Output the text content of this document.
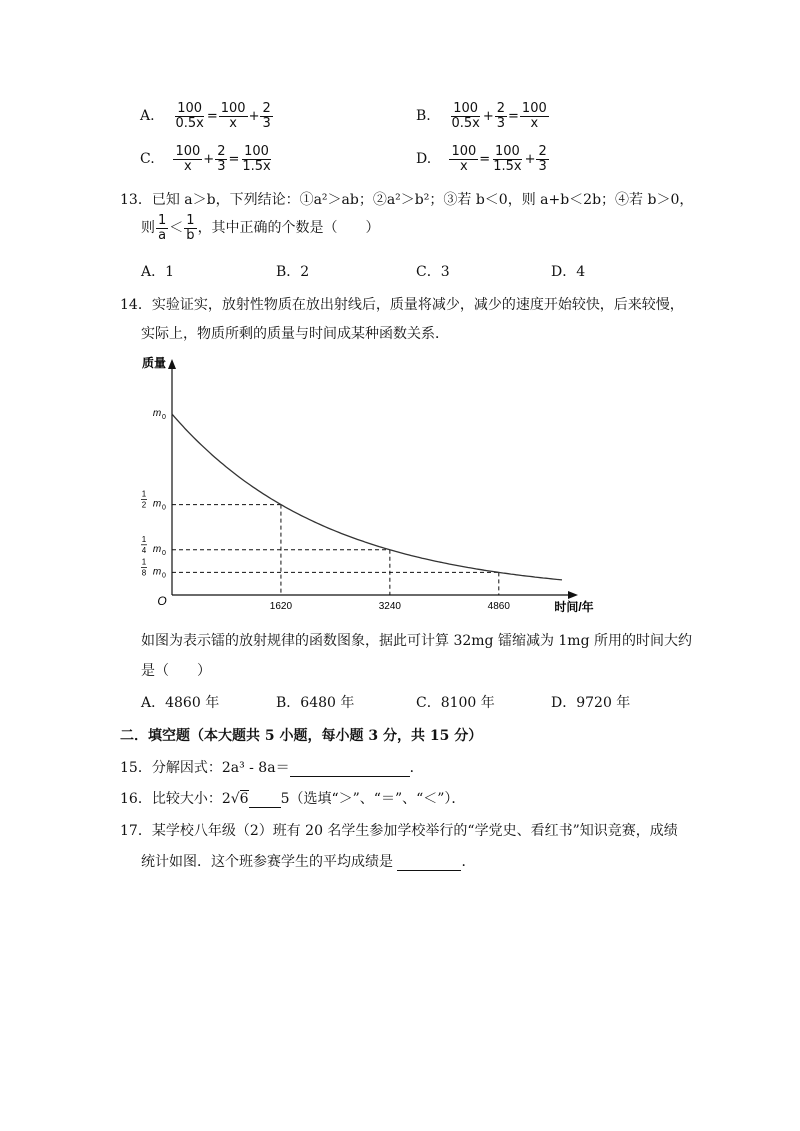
A. $\frac{100}{0.5x} = \frac{100}{x} + \frac{2}{3}$	B. $\frac{100}{0.5x} + \frac{2}{3} = \frac{100}{x}$
C. $\frac{100}{x} + \frac{2}{3} = \frac{100}{1.5x}$	D. $\frac{100}{x} = \frac{100}{1.5x} + \frac{2}{3}$
13．已知 a＞b，下列结论：①a²＞ab；②a²＞b²；③若 b＜0，则 a+b＜2b；④若 b＞0，
则 $\frac{1}{a} < \frac{1}{b}$ ，其中正确的个数是（　　）
A．1	B．2	C．3	D．4
14．实验证实，放射性物质在放出射线后，质量将减少，减少的速度开始较快，后来较慢，
实际上，物质所剩的质量与时间成某种函数关系．
质量
时间/年
O	1620	3240	4860
1
2 m 0
1
4 m 0
1
8 m 0
m 0
如图为表示镭的放射规律的函数图象，据此可计算 32mg 镭缩减为 1mg 所用的时间大约
是（　　）
A．4860 年	B．6480 年	C．8100 年	D．9720 年
二．填空题（本大题共 5 小题，每小题 3 分，共 15 分）
15．分解因式：2a³ - 8a＝	．
16．比较大小：2√6 5（选填“＞”、“＝”、“＜”）．
17．某学校八年级（2）班有 20 名学生参加学校举行的“学党史、看红书”知识竞赛，成绩
统计如图．这个班参赛学生的平均成绩是	．
